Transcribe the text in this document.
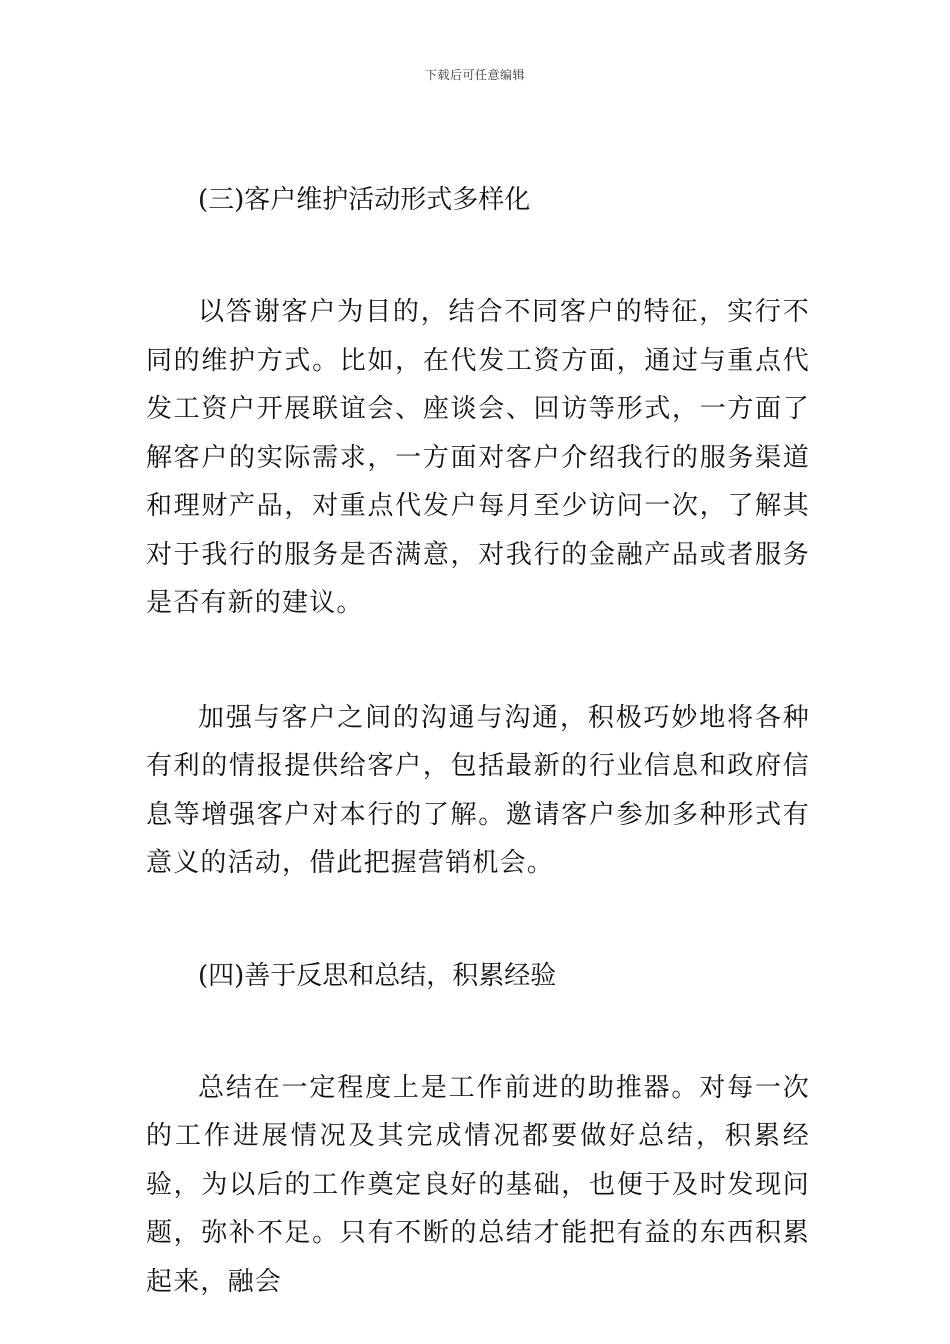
下载后可任意编辑
(三)客户维护活动形式多样化

以答谢客户为目的，结合不同客户的特征，实行不同的维护方式。比如，在代发工资方面，通过与重点代发工资户开展联谊会、座谈会、回访等形式，一方面了解客户的实际需求，一方面对客户介绍我行的服务渠道和理财产品，对重点代发户每月至少访问一次，了解其对于我行的服务是否满意，对我行的金融产品或者服务是否有新的建议。

加强与客户之间的沟通与沟通，积极巧妙地将各种有利的情报提供给客户，包括最新的行业信息和政府信息等增强客户对本行的了解。邀请客户参加多种形式有意义的活动，借此把握营销机会。

(四)善于反思和总结，积累经验

总结在一定程度上是工作前进的助推器。对每一次的工作进展情况及其完成情况都要做好总结，积累经验，为以后的工作奠定良好的基础，也便于及时发现问题，弥补不足。只有不断的总结才能把有益的东西积累起来，融会
